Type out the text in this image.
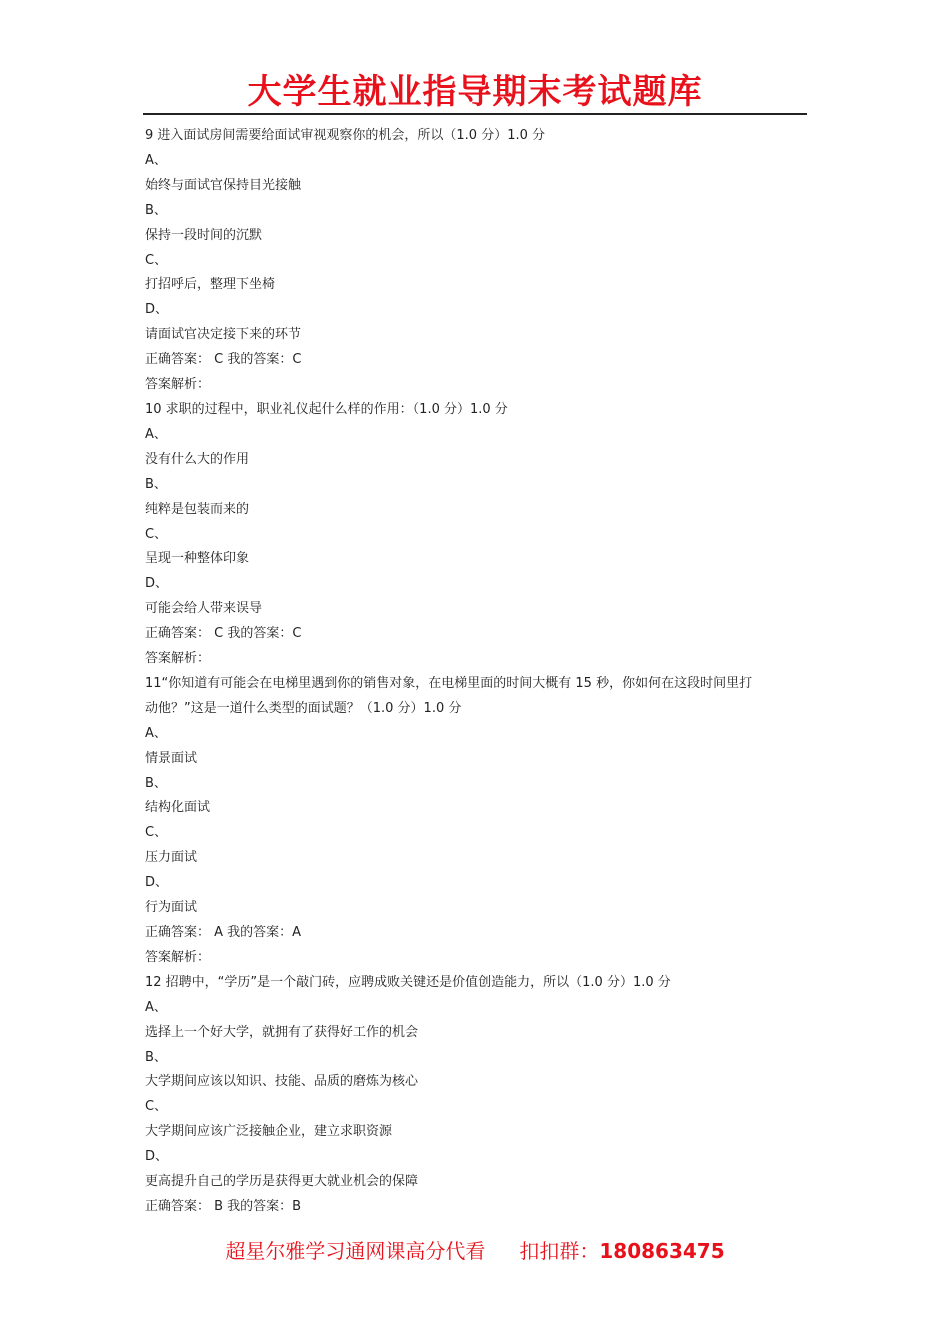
大学生就业指导期末考试题库
9 进入面试房间需要给面试审视观察你的机会，所以（1.0 分）1.0 分
A、
始终与面试官保持目光接触
B、
保持一段时间的沉默
C、
打招呼后，整理下坐椅
D、
请面试官决定接下来的环节
正确答案： C 我的答案：C
答案解析：
10 求职的过程中，职业礼仪起什么样的作用：（1.0 分）1.0 分
A、
没有什么大的作用
B、
纯粹是包装而来的
C、
呈现一种整体印象
D、
可能会给人带来误导
正确答案： C 我的答案：C
答案解析：
11“你知道有可能会在电梯里遇到你的销售对象，在电梯里面的时间大概有 15 秒，你如何在这段时间里打
动他？”这是一道什么类型的面试题？（1.0 分）1.0 分
A、
情景面试
B、
结构化面试
C、
压力面试
D、
行为面试
正确答案： A 我的答案：A
答案解析：
12 招聘中，“学历”是一个敲门砖，应聘成败关键还是价值创造能力，所以（1.0 分）1.0 分
A、
选择上一个好大学，就拥有了获得好工作的机会
B、
大学期间应该以知识、技能、品质的磨炼为核心
C、
大学期间应该广泛接触企业，建立求职资源
D、
更高提升自己的学历是获得更大就业机会的保障
正确答案： B 我的答案：B
超星尔雅学习通网课高分代看 扣扣群：180863475
